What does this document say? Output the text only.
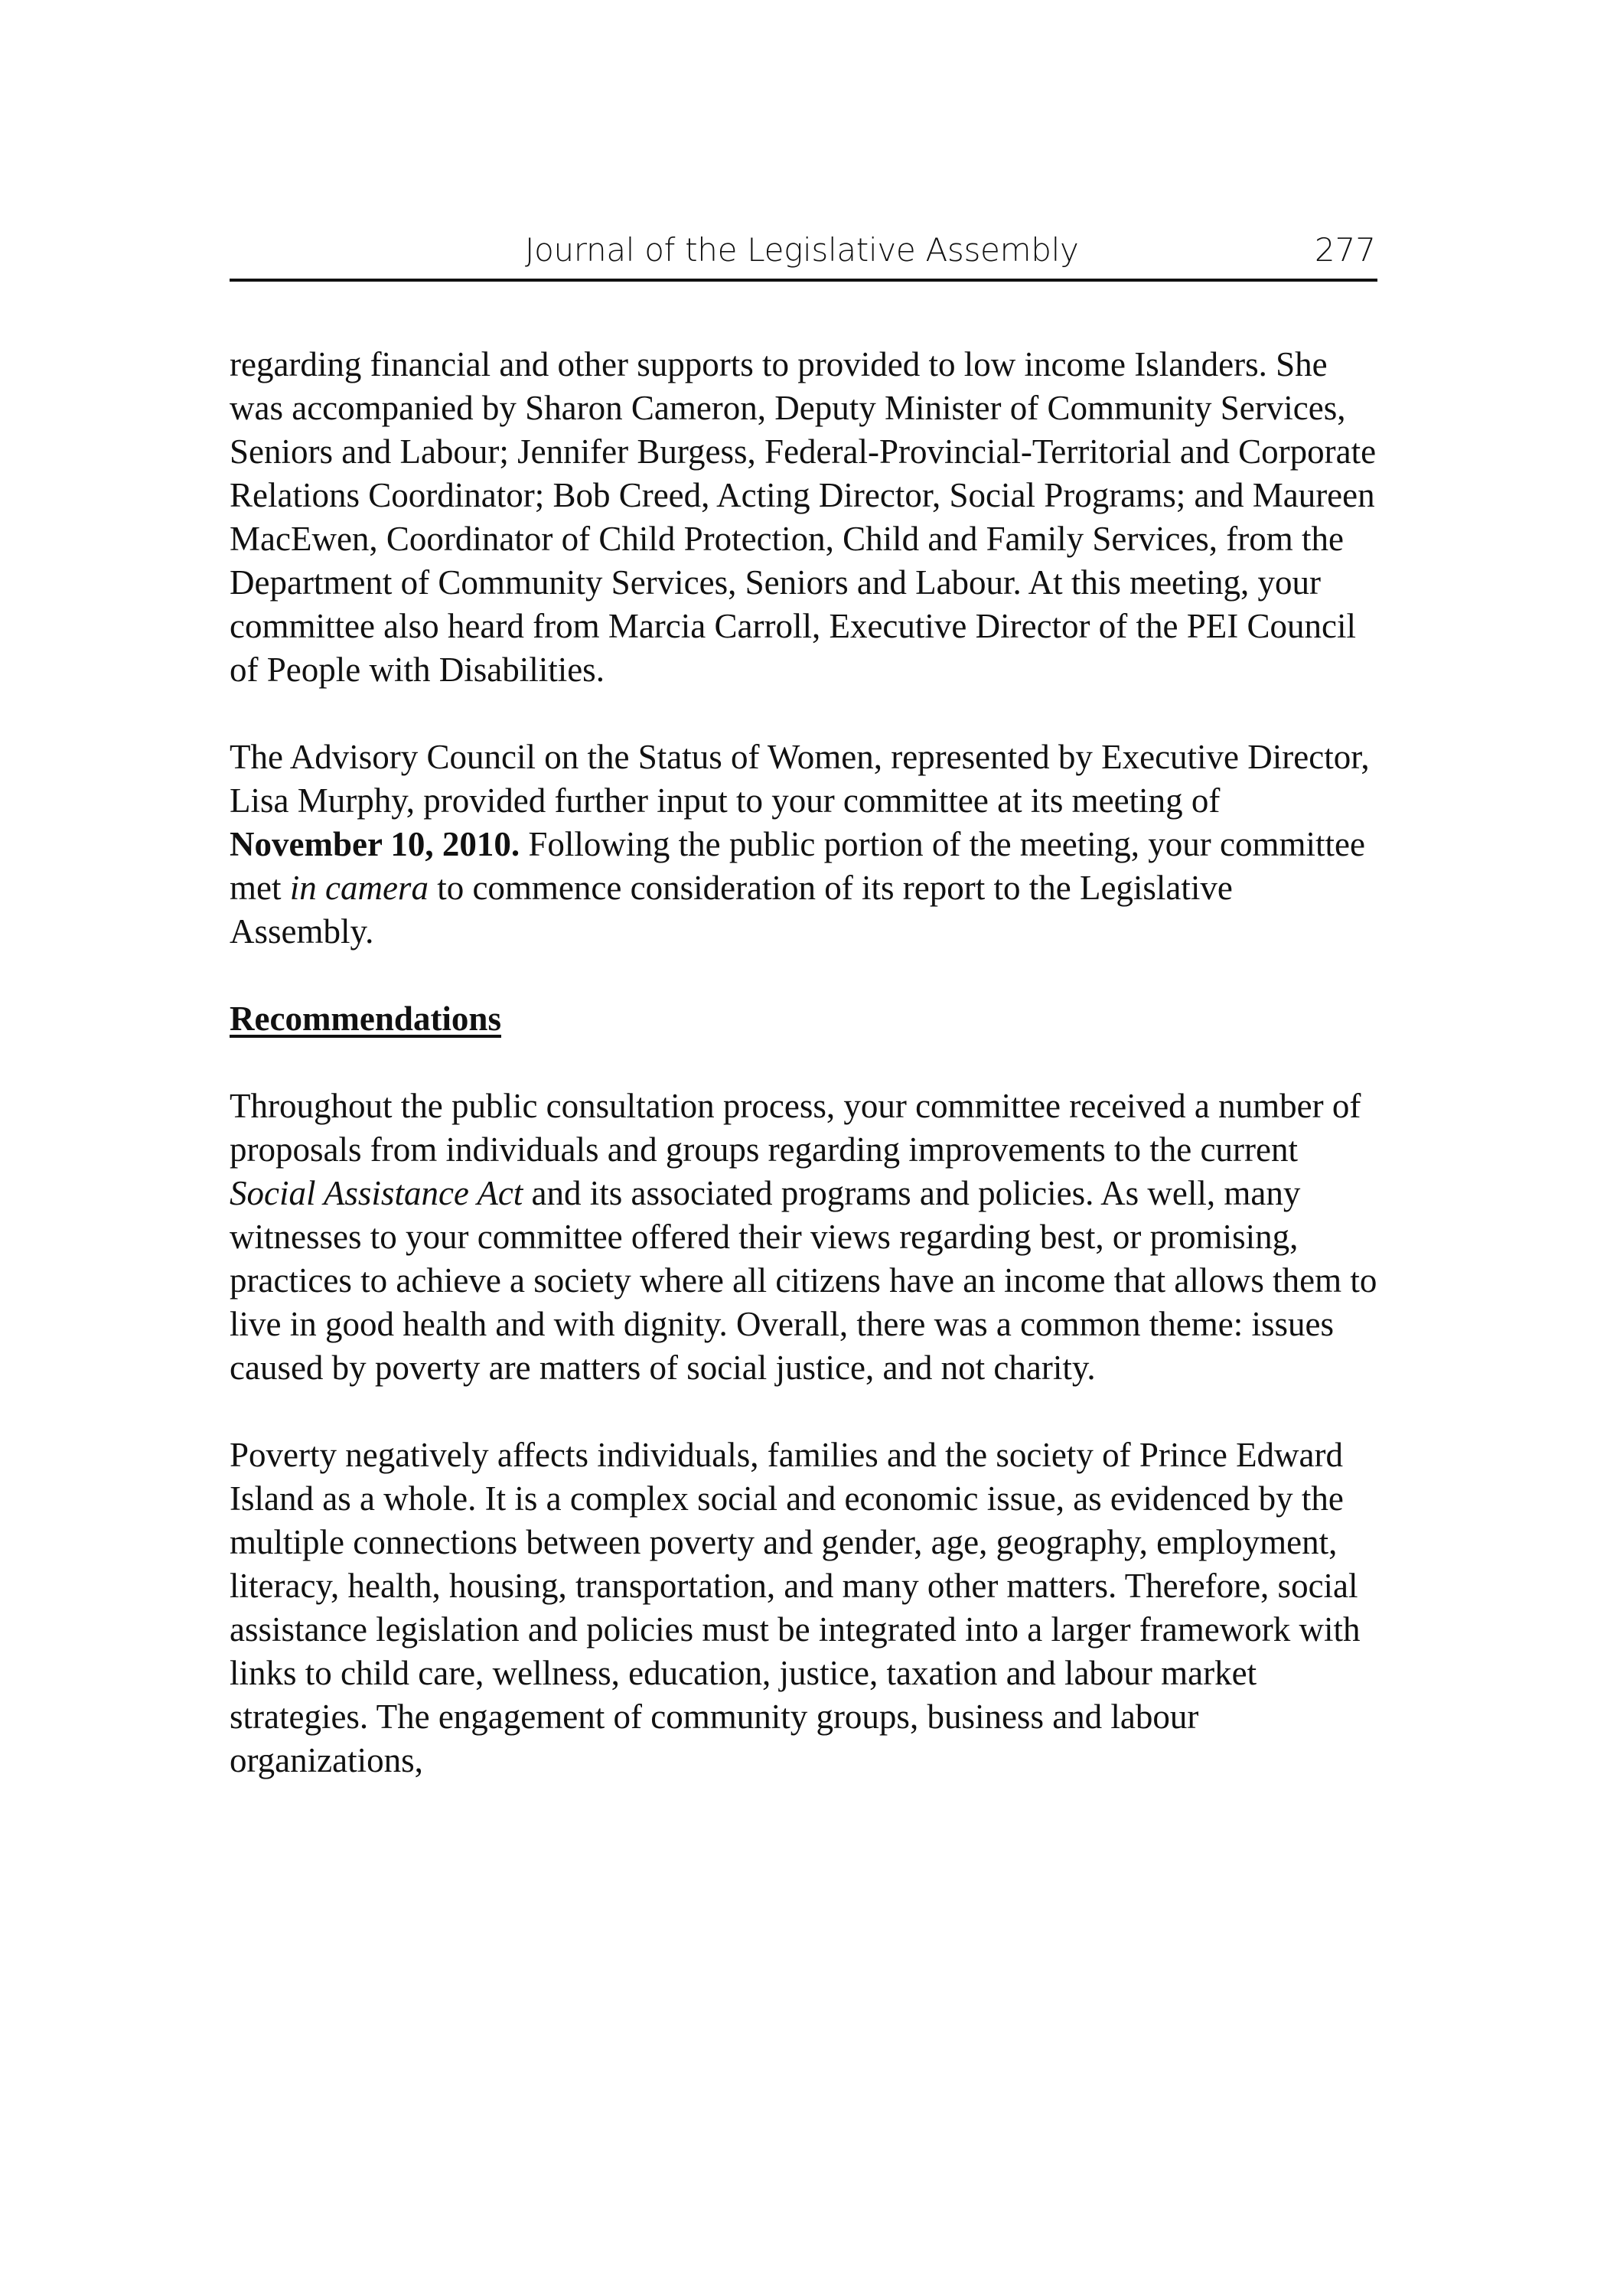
Journal of the Legislative Assembly	277

regarding financial and other supports to provided to low income Islanders. She was accompanied by Sharon Cameron, Deputy Minister of Community Services, Seniors and Labour; Jennifer Burgess, Federal-Provincial-Territorial and Corporate Relations Coordinator; Bob Creed, Acting Director, Social Programs; and Maureen MacEwen, Coordinator of Child Protection, Child and Family Services, from the Department of Community Services, Seniors and Labour. At this meeting, your committee also heard from Marcia Carroll, Executive Director of the PEI Council of People with Disabilities.

The Advisory Council on the Status of Women, represented by Executive Director, Lisa Murphy, provided further input to your committee at its meeting of November 10, 2010. Following the public portion of the meeting, your committee met in camera to commence consideration of its report to the Legislative Assembly.

Recommendations

Throughout the public consultation process, your committee received a number of proposals from individuals and groups regarding improvements to the current Social Assistance Act and its associated programs and policies. As well, many witnesses to your committee offered their views regarding best, or promising, practices to achieve a society where all citizens have an income that allows them to live in good health and with dignity. Overall, there was a common theme: issues caused by poverty are matters of social justice, and not charity.

Poverty negatively affects individuals, families and the society of Prince Edward Island as a whole. It is a complex social and economic issue, as evidenced by the multiple connections between poverty and gender, age, geography, employment, literacy, health, housing, transportation, and many other matters. Therefore, social assistance legislation and policies must be integrated into a larger framework with links to child care, wellness, education, justice, taxation and labour market strategies. The engagement of community groups, business and labour organizations,
